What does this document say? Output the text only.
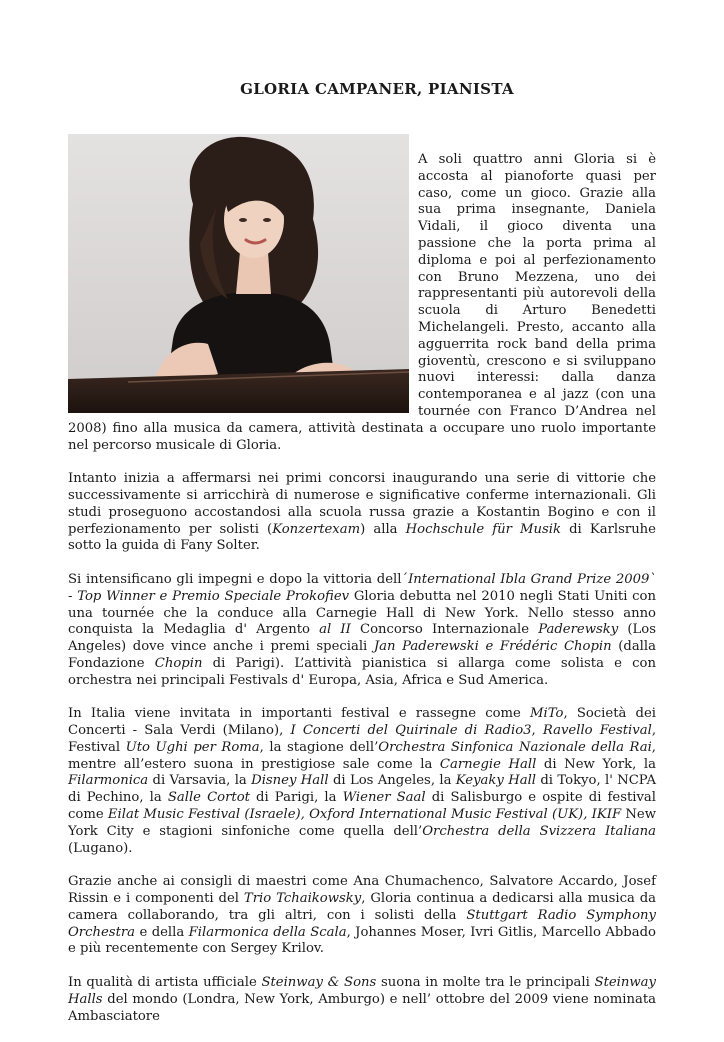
GLORIA CAMPANER, PIANISTA

A soli quattro anni Gloria si è accosta al pianoforte quasi per caso, come un gioco. Grazie alla sua prima insegnante, Daniela Vidali, il gioco diventa una passione che la porta prima al diploma e poi al perfezionamento con Bruno Mezzena, uno dei rappresentanti più autorevoli della scuola di Arturo Benedetti Michelangeli. Presto, accanto alla agguerrita rock band della prima gioventù, crescono e si sviluppano nuovi interessi: dalla danza contemporanea e al jazz (con una tournée con Franco D’Andrea nel 2008) fino alla musica da camera, attività destinata a occupare uno ruolo importante nel percorso musicale di Gloria.

Intanto inizia a affermarsi nei primi concorsi inaugurando una serie di vittorie che successivamente si arricchirà di numerose e significative conferme internazionali. Gli studi proseguono accostandosi alla scuola russa grazie a Kostantin Bogino e con il perfezionamento per solisti (Konzertexam) alla Hochschule für Musik di Karlsruhe sotto la guida di Fany Solter.

Si intensificano gli impegni e dopo la vittoria dell´International Ibla Grand Prize 2009` - Top Winner e Premio Speciale Prokofiev Gloria debutta nel 2010 negli Stati Uniti con una tournée che la conduce alla Carnegie Hall di New York. Nello stesso anno conquista la Medaglia d' Argento al II Concorso Internazionale Paderewsky (Los Angeles) dove vince anche i premi speciali Jan Paderewski e Frédéric Chopin (dalla Fondazione Chopin di Parigi). L’attività pianistica si allarga come solista e con orchestra nei principali Festivals d' Europa, Asia, Africa e Sud America.

In Italia viene invitata in importanti festival e rassegne come MiTo, Società dei Concerti - Sala Verdi (Milano), I Concerti del Quirinale di Radio3, Ravello Festival, Festival Uto Ughi per Roma, la stagione dell’Orchestra Sinfonica Nazionale della Rai, mentre all’estero suona in prestigiose sale come la Carnegie Hall di New York, la Filarmonica di Varsavia, la Disney Hall di Los Angeles, la Keyaky Hall di Tokyo, l' NCPA di Pechino, la Salle Cortot di Parigi, la Wiener Saal di Salisburgo e ospite di festival come Eilat Music Festival (Israele), Oxford International Music Festival (UK), IKIF New York City e stagioni sinfoniche come quella dell’Orchestra della Svizzera Italiana (Lugano).

Grazie anche ai consigli di maestri come Ana Chumachenco, Salvatore Accardo, Josef Rissin e i componenti del Trio Tchaikowsky, Gloria continua a dedicarsi alla musica da camera collaborando, tra gli altri, con i solisti della Stuttgart Radio Symphony Orchestra e della Filarmonica della Scala, Johannes Moser, Ivri Gitlis, Marcello Abbado e più recentemente con Sergey Krilov.

In qualità di artista ufficiale Steinway & Sons suona in molte tra le principali Steinway Halls del mondo (Londra, New York, Amburgo) e nell’ ottobre del 2009 viene nominata Ambasciatore
